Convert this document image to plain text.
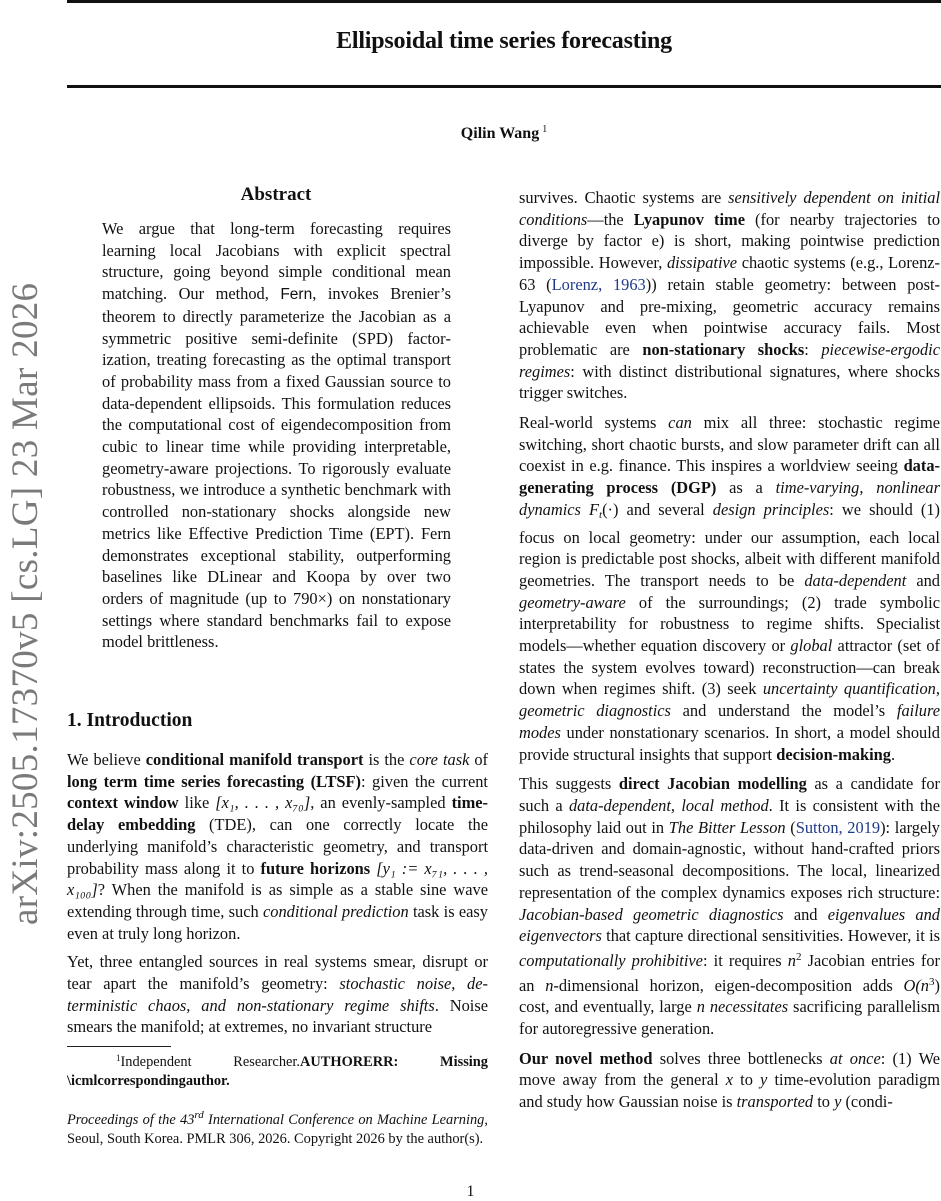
Ellipsoidal time series forecasting
Qilin Wang $^1$
arXiv:2505.17370v5 [cs.LG] 23 Mar 2026
Abstract

We argue that long-term forecasting requires learning local Jacobians with explicit spectral structure, going beyond simple conditional mean matching. Our method, Fern, invokes Brenier’s theorem to directly parameterize the Jacobian as a symmetric positive semi-definite (SPD) factorization, treating forecasting as the optimal transport of probability mass from a fixed Gaussian source to data-dependent ellipsoids. This formulation reduces the computational cost of eigendecomposition from cubic to linear time while providing interpretable, geometry-aware projections. To rigorously evaluate robustness, we introduce a synthetic benchmark with controlled non-stationary shocks alongside new metrics like Effective Prediction Time (EPT). Fern demonstrates exceptional stability, outperforming baselines like DLinear and Koopa by over two orders of magnitude (up to 790×) on nonstationary settings where standard benchmarks fail to expose model brittleness.

1. Introduction

We believe conditional manifold transport is the core task of long term time series forecasting (LTSF): given the current context window like [x₁, . . . , x₇₀], an evenly-sampled time-delay embedding (TDE), can one correctly locate the underlying manifold’s characteristic geometry, and transport probability mass along it to future horizons [y₁ := x₇₁, . . . , x₁₀₀]? When the manifold is as simple as a stable sine wave extending through time, such conditional prediction task is easy even at truly long horizon.

Yet, three entangled sources in real systems smear, disrupt or tear apart the manifold’s geometry: stochastic noise, deterministic chaos, and non-stationary regime shifts. Noise smears the manifold; at extremes, no invariant structure

survives. Chaotic systems are sensitively dependent on initial conditions—the Lyapunov time (for nearby trajectories to diverge by factor e) is short, making pointwise prediction impossible. However, dissipative chaotic systems (e.g., Lorenz-63 (Lorenz, 1963)) retain stable geometry: between post-Lyapunov and pre-mixing, geometric accuracy remains achievable even when pointwise accuracy fails. Most problematic are non-stationary shocks: piecewise-ergodic regimes: with distinct distributional signatures, where shocks trigger switches.

Real-world systems can mix all three: stochastic regime switching, short chaotic bursts, and slow parameter drift can all coexist in e.g. finance. This inspires a worldview seeing data-generating process (DGP) as a time-varying, nonlinear dynamics $F_t(\cdot)$ and several design principles: we should (1) focus on local geometry: under our assumption, each local region is predictable post shocks, albeit with different manifold geometries. The transport needs to be data-dependent and geometry-aware of the surroundings; (2) trade symbolic interpretability for robustness to regime shifts. Specialist models—whether equation discovery or global attractor (set of states the system evolves toward) reconstruction—can break down when regimes shift. (3) seek uncertainty quantification, geometric diagnostics and understand the model’s failure modes under nonstationary scenarios. In short, a model should provide structural insights that support decision-making.

This suggests direct Jacobian modelling as a candidate for such a data-dependent, local method. It is consistent with the philosophy laid out in The Bitter Lesson (Sutton, 2019): largely data-driven and domain-agnostic, without hand-crafted priors such as trend-seasonal decompositions. The local, linearized representation of the complex dynamics exposes rich structure: Jacobian-based geometric diagnostics and eigenvalues and eigenvectors that capture directional sensitivities. However, it is computationally prohibitive: it requires $n^2$ Jacobian entries for an n-dimensional horizon, eigen-decomposition adds $O(n^3)$ cost, and eventually, large n necessitates sacrificing parallelism for autoregressive generation.

Our novel method solves three bottlenecks at once: (1) We move away from the general x to y time-evolution paradigm and study how Gaussian noise is transported to y (condi-

$^1$Independent Researcher.AUTHORERR: Missing \icmlcorrespondingauthor.
Proceedings of the 43rd International Conference on Machine Learning, Seoul, South Korea. PMLR 306, 2026. Copyright 2026 by the author(s).
1
